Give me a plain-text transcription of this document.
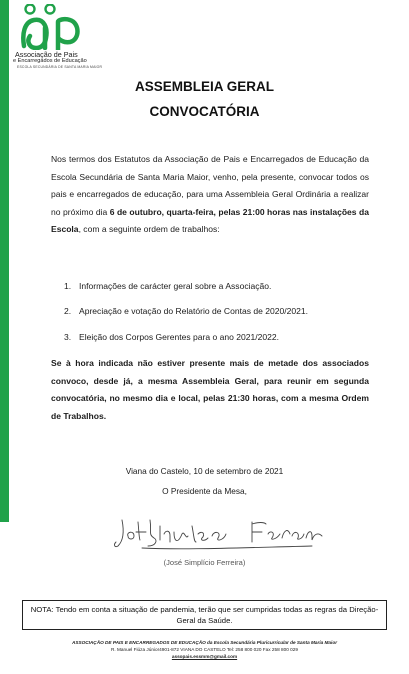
Associação de Pais
e Encarregados de Educação
ESCOLA SECUNDÁRIA DE SANTA MARIA MAIOR
ASSEMBLEIA GERAL
CONVOCATÓRIA
Nos termos dos Estatutos da Associação de Pais e Encarregados de Educação da Escola Secundária de Santa Maria Maior, venho, pela presente, convocar todos os pais e encarregados de educação, para uma Assembleia Geral Ordinária a realizar no próximo dia 6 de outubro, quarta-feira, pelas 21:00 horas nas instalações da Escola, com a seguinte ordem de trabalhos:
1. Informações de carácter geral sobre a Associação.
2. Apreciação e votação do Relatório de Contas de 2020/2021.
3. Eleição dos Corpos Gerentes para o ano 2021/2022.
Se à hora indicada não estiver presente mais de metade dos associados convoco, desde já, a mesma Assembleia Geral, para reunir em segunda convocatória, no mesmo dia e local, pelas 21:30 horas, com a mesma Ordem de Trabalhos.
Viana do Castelo, 10 de setembro de 2021
O Presidente da Mesa,
(José Simplício Ferreira)
NOTA: Tendo em conta a situação de pandemia, terão que ser cumpridas todas as regras da Direção-Geral da Saúde.
ASSOCIAÇÃO DE PAIS E ENCARREGADOS DE EDUCAÇÃO da Escola Secundária Pluricurricular de Santa Maria Maior
R. Manuel Fiúza Júnior4901-872 VIANA DO CASTELO Tel: 258 800 020 Fax 258 800 029
assopais.essmm@gmail.com
